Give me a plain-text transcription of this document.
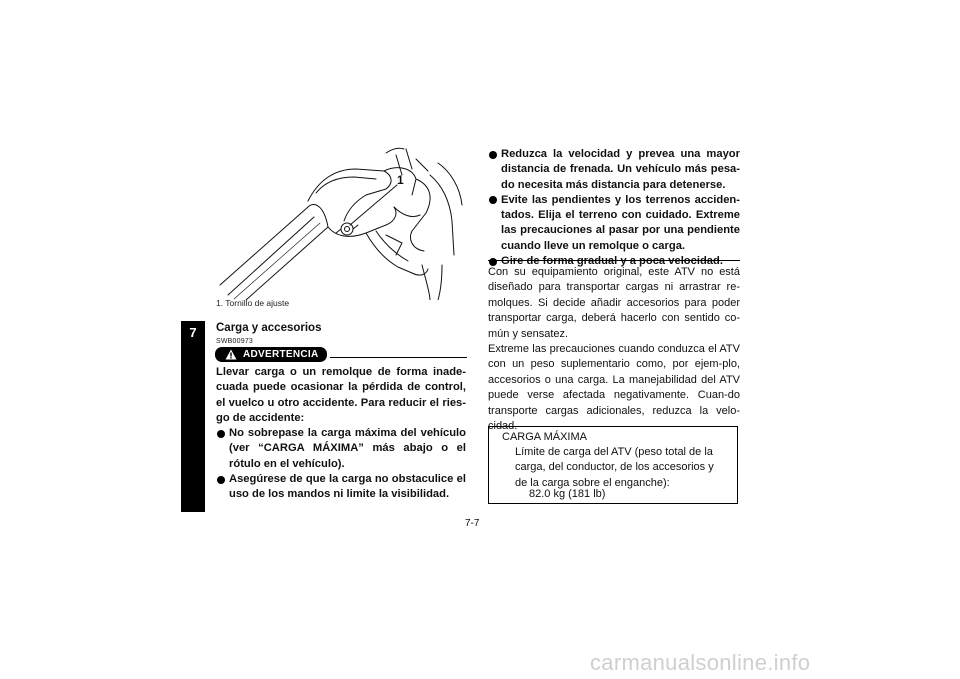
7
1
1. Tornillo de ajuste
Carga y accesorios
SWB00973
ADVERTENCIA

Llevar carga o un remolque de forma inade-cuada puede ocasionar la pérdida de control, el vuelco u otro accidente. Para reducir el ries-go de accidente:

No sobrepase la carga máxima del vehículo (ver “CARGA MÁXIMA” más abajo o el rótulo en el vehículo).
Asegúrese de que la carga no obstaculice el uso de los mandos ni limite la visibilidad.
Reduzca la velocidad y prevea una mayor distancia de frenada. Un vehículo más pesa-do necesita más distancia para detenerse.
Evite las pendientes y los terrenos acciden-tados. Elija el terreno con cuidado. Extreme las precauciones al pasar por una pendiente cuando lleve un remolque o carga.

Con su equipamiento original, este ATV no está diseñado para transportar cargas ni arrastrar re-molques. Si decide añadir accesorios para poder transportar carga, deberá hacerlo con sentido co-mún y sensatez.

Extreme las precauciones cuando conduzca el ATV con un peso suplementario como, por ejem-plo, accesorios o una carga. La manejabilidad del ATV puede verse afectada negativamente. Cuan-do transporte cargas adicionales, reduzca la velo-cidad.

CARGA MÁXIMA
Límite de carga del ATV (peso total de la carga, del conductor, de los accesorios y de la carga sobre el enganche):
82.0 kg (181 lb)
7-7
carmanualsonline.info
